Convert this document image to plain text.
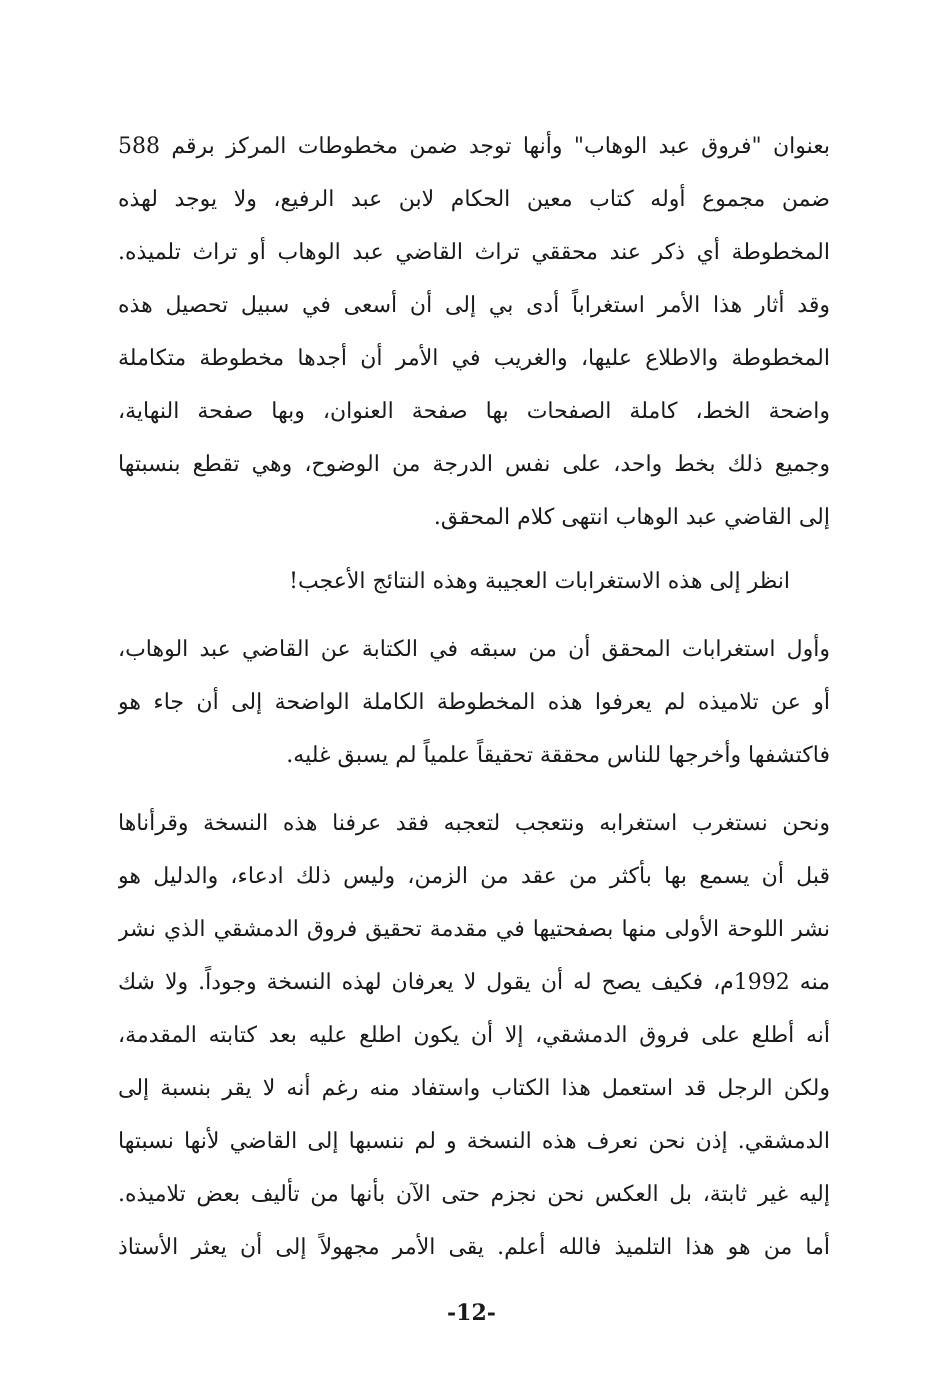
بعنوان "فروق عبد الوهاب" وأنها توجد ضمن مخطوطات المركز برقم 588
ضمن مجموع أوله كتاب معين الحكام لابن عبد الرفيع، ولا يوجد لهذه
المخطوطة أي ذكر عند محققي تراث القاضي عبد الوهاب أو تراث تلميذه.
وقد أثار هذا الأمر استغراباً أدى بي إلى أن أسعى في سبيل تحصيل هذه
المخطوطة والاطلاع عليها، والغريب في الأمر أن أجدها مخطوطة متكاملة
واضحة الخط، كاملة الصفحات بها صفحة العنوان، وبها صفحة النهاية،
وجميع ذلك بخط واحد، على نفس الدرجة من الوضوح، وهي تقطع بنسبتها
إلى القاضي عبد الوهاب انتهى كلام المحقق.
انظر إلى هذه الاستغرابات العجيبة وهذه النتائج الأعجب!
وأول استغرابات المحقق أن من سبقه في الكتابة عن القاضي عبد الوهاب،
أو عن تلاميذه لم يعرفوا هذه المخطوطة الكاملة الواضحة إلى أن جاء هو
فاكتشفها وأخرجها للناس محققة تحقيقاً علمياً لم يسبق غليه.
ونحن نستغرب استغرابه ونتعجب لتعجبه فقد عرفنا هذه النسخة وقرأناها
قبل أن يسمع بها بأكثر من عقد من الزمن، وليس ذلك ادعاء، والدليل هو
نشر اللوحة الأولى منها بصفحتيها في مقدمة تحقيق فروق الدمشقي الذي نشر
منه 1992م، فكيف يصح له أن يقول لا يعرفان لهذه النسخة وجوداً. ولا شك
أنه أطلع على فروق الدمشقي، إلا أن يكون اطلع عليه بعد كتابته المقدمة،
ولكن الرجل قد استعمل هذا الكتاب واستفاد منه رغم أنه لا يقر بنسبة إلى
الدمشقي. إذن نحن نعرف هذه النسخة و لم ننسبها إلى القاضي لأنها نسبتها
إليه غير ثابتة، بل العكس نحن نجزم حتى الآن بأنها من تأليف بعض تلاميذه.
أما من هو هذا التلميذ فالله أعلم. يقى الأمر مجهولاً إلى أن يعثر الأستاذ
-12-
